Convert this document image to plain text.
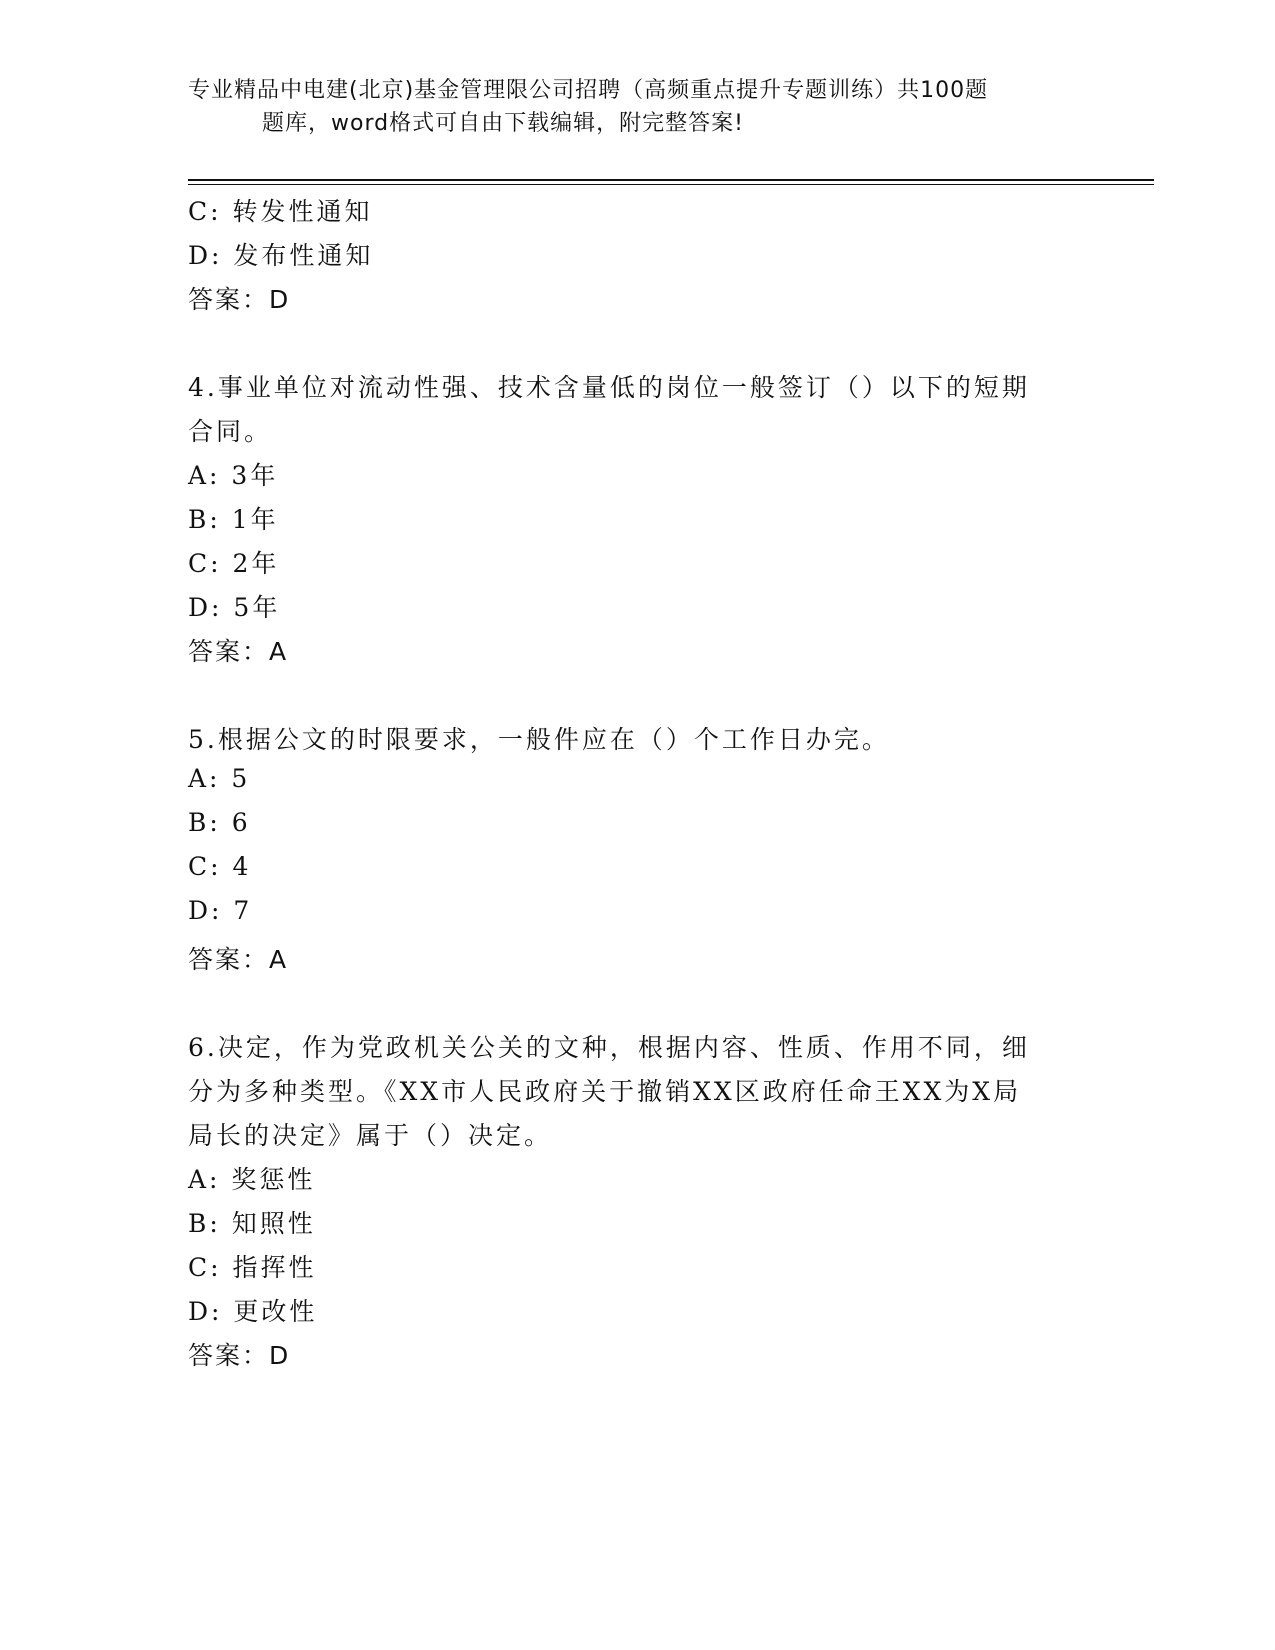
专业精品中电建(北京)基金管理限公司招聘（高频重点提升专题训练）共100题
题库，word格式可自由下载编辑，附完整答案!
C: 转发性通知
D: 发布性通知
答案：D
4.事业单位对流动性强、技术含量低的岗位一般签订（）以下的短期
合同。
A: 3年
B: 1年
C: 2年
D: 5年
答案：A
5.根据公文的时限要求，一般件应在（）个工作日办完。
A: 5
B: 6
C: 4
D: 7
答案：A
6.决定，作为党政机关公关的文种，根据内容、性质、作用不同，细
分为多种类型。《XX市人民政府关于撤销XX区政府任命王XX为X局
局长的决定》属于（）决定。
A: 奖惩性
B: 知照性
C: 指挥性
D: 更改性
答案：D
